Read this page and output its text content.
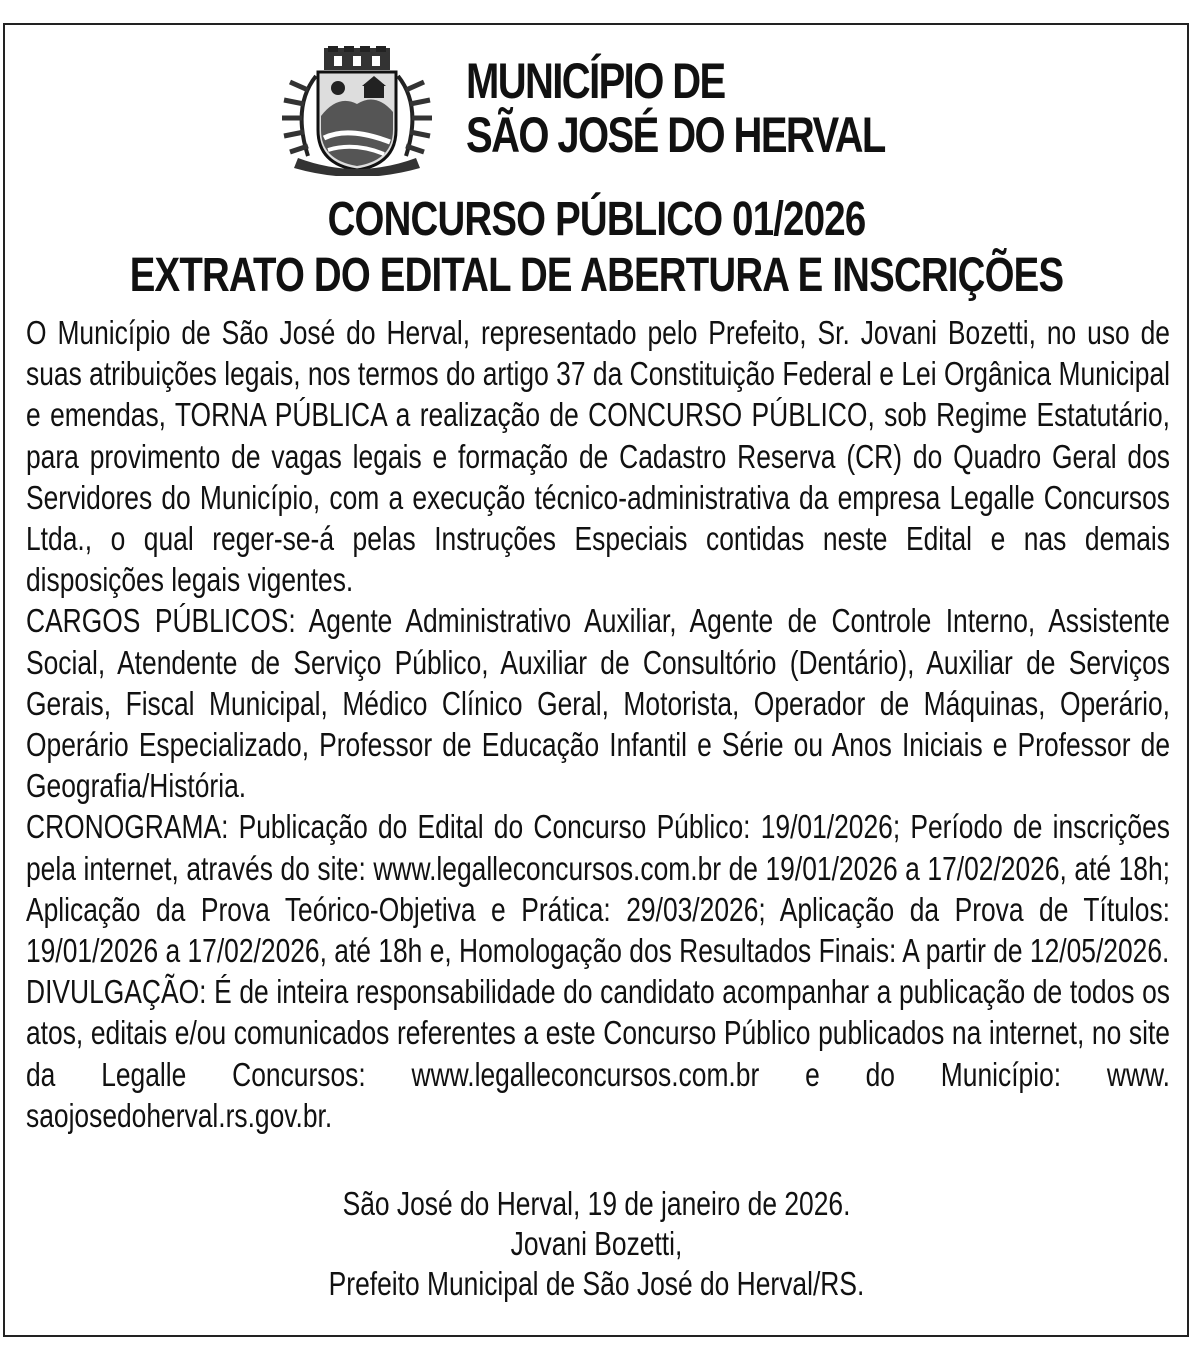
MUNICÍPIO DE
SÃO JOSÉ DO HERVAL
CONCURSO PÚBLICO 01/2026
EXTRATO DO EDITAL DE ABERTURA E INSCRIÇÕES

O Município de São José do Herval, representado pelo Prefeito, Sr. Jovani Bozetti, no uso de suas atribuições legais, nos termos do artigo 37 da Constituição Federal e Lei Orgânica Municipal e emendas, TORNA PÚBLICA a realização de CONCURSO PÚBLICO, sob Regime Estatutário, para provimento de vagas legais e formação de Cadastro Reserva (CR) do Quadro Geral dos Servidores do Município, com a execução técnico-administrativa da empresa Legalle Concursos Ltda., o qual reger-se-á pelas Instruções Especiais contidas neste Edital e nas demais disposições legais vigentes.

CARGOS PÚBLICOS: Agente Administrativo Auxiliar, Agente de Controle Interno, Assistente Social, Atendente de Serviço Público, Auxiliar de Consultório (Dentário), Auxiliar de Serviços Gerais, Fiscal Municipal, Médico Clínico Geral, Motorista, Operador de Máquinas, Operário, Operário Especializado, Professor de Educação Infantil e Série ou Anos Iniciais e Professor de Geografia/História.

CRONOGRAMA: Publicação do Edital do Concurso Público: 19/01/2026; Período de inscrições pela internet, através do site: www.legalleconcursos.com.br de 19/01/2026 a 17/02/2026, até 18h; Aplicação da Prova Teórico-Objetiva e Prática: 29/03/2026; Aplicação da Prova de Títulos: 19/01/2026 a 17/02/2026, até 18h e, Homologação dos Resultados Finais: A partir de 12/05/2026.

DIVULGAÇÃO: É de inteira responsabilidade do candidato acompanhar a publicação de todos os atos, editais e/ou comunicados referentes a este Concurso Público publicados na internet, no site da Legalle Concursos: www.legalleconcursos.com.br e do Município: www. saojosedoherval.rs.gov.br.

São José do Herval, 19 de janeiro de 2026.
Jovani Bozetti,
Prefeito Municipal de São José do Herval/RS.
